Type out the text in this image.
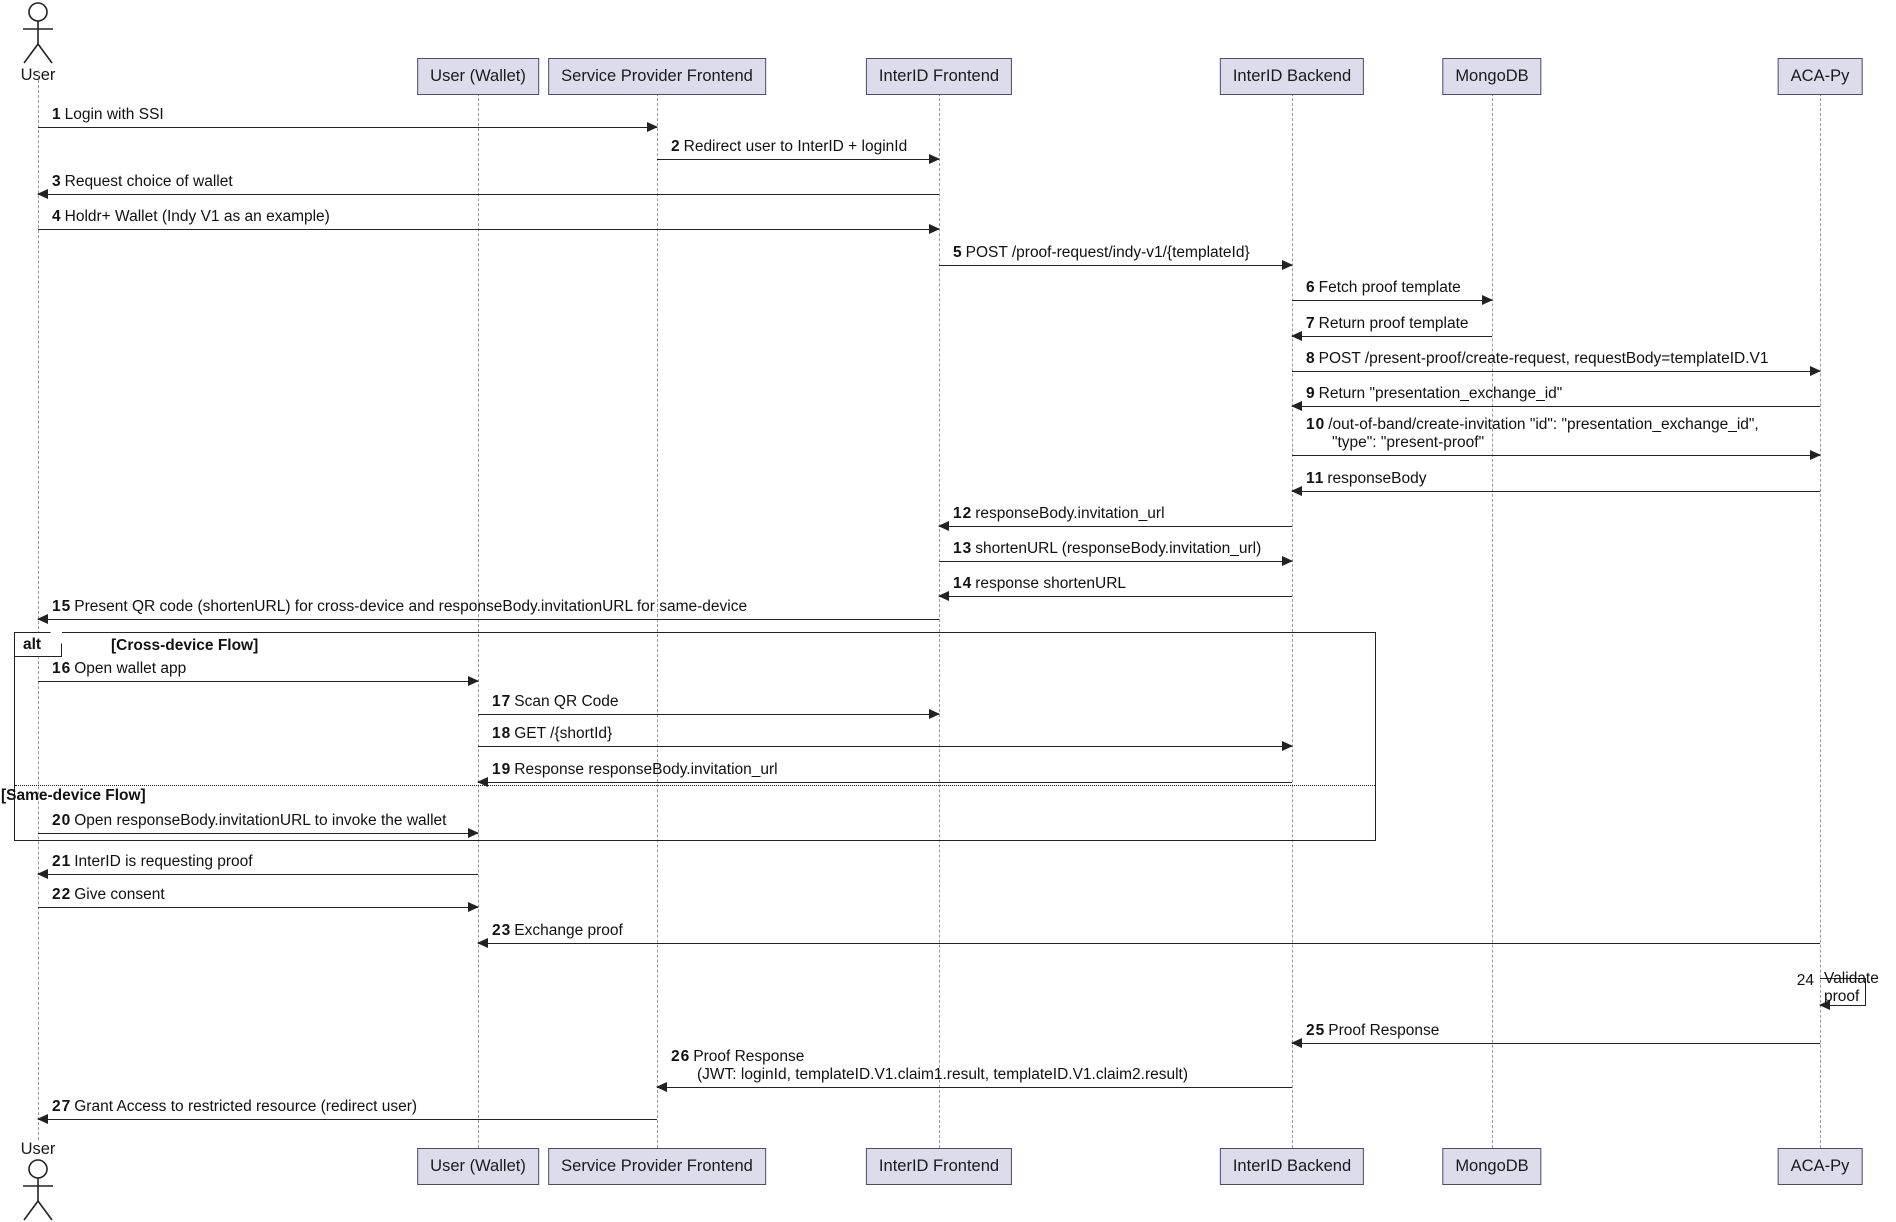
User
User
User (Wallet)	Service Provider Frontend	InterID Frontend	InterID Backend	MongoDB	ACA-Py
User (Wallet)	Service Provider Frontend	InterID Frontend	InterID Backend	MongoDB	ACA-Py
alt	[Cross-device Flow]
[Same-device Flow]
1 Login with SSI
2 Redirect user to InterID + loginId
3 Request choice of wallet
4 Holdr+ Wallet (Indy V1 as an example)
5 POST /proof-request/indy-v1/{templateId}
6 Fetch proof template
7 Return proof template
8 POST /present-proof/create-request, requestBody=templateID.V1
9 Return "presentation_exchange_id"
10 /out-of-band/create-invitation "id": "presentation_exchange_id",
"type": "present-proof"
11 responseBody
12 responseBody.invitation_url
13 shortenURL (responseBody.invitation_url)
14 response shortenURL
15 Present QR code (shortenURL) for cross-device and responseBody.invitationURL for same-device
16 Open wallet app
17 Scan QR Code
18 GET /{shortId}
19 Response responseBody.invitation_url
20 Open responseBody.invitationURL to invoke the wallet
21 InterID is requesting proof
22 Give consent
23 Exchange proof
24 Validate
proof
25 Proof Response
26 Proof Response
(JWT: loginId, templateID.V1.claim1.result, templateID.V1.claim2.result)
27 Grant Access to restricted resource (redirect user)
